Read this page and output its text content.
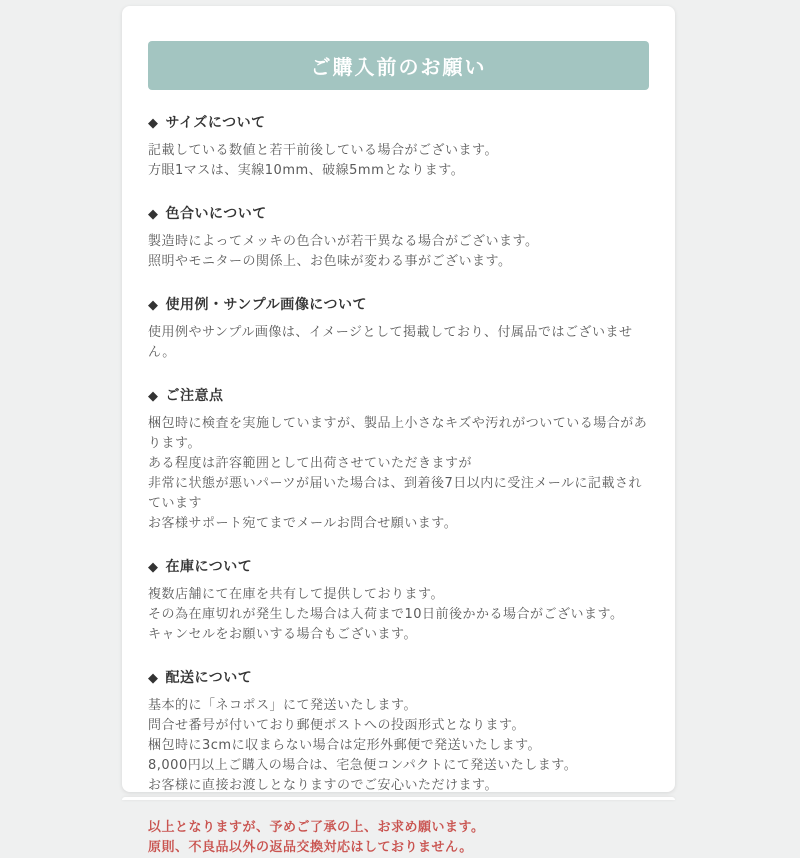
ご購入前のお願い
◆ サイズについて
記載している数値と若干前後している場合がございます。
方眼1マスは、実線10mm、破線5mmとなります。
◆ 色合いについて
製造時によってメッキの色合いが若干異なる場合がございます。
照明やモニターの関係上、お色味が変わる事がございます。
◆ 使用例・サンプル画像について
使用例やサンプル画像は、イメージとして掲載しており、付属品ではございません。
◆ ご注意点
梱包時に検査を実施していますが、製品上小さなキズや汚れがついている場合があります。
ある程度は許容範囲として出荷させていただきますが
非常に状態が悪いパーツが届いた場合は、到着後7日以内に受注メールに記載されています
お客様サポート宛てまでメールお問合せ願います。
◆ 在庫について
複数店舗にて在庫を共有して提供しております。
その為在庫切れが発生した場合は入荷まで10日前後かかる場合がございます。
キャンセルをお願いする場合もございます。
◆ 配送について
基本的に「ネコポス」にて発送いたします。
問合せ番号が付いており郵便ポストへの投函形式となります。
梱包時に3cmに収まらない場合は定形外郵便で発送いたします。
8,000円以上ご購入の場合は、宅急便コンパクトにて発送いたします。
お客様に直接お渡しとなりますのでご安心いただけます。
以上となりますが、予めご了承の上、お求め願います。
原則、不良品以外の返品交換対応はしておりません。
